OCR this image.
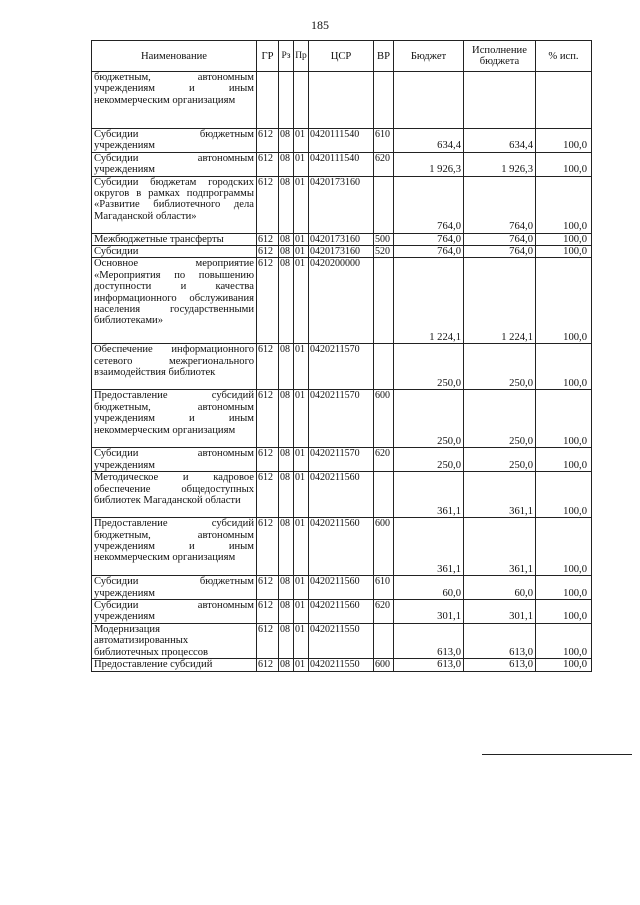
185
Наименование	ГР	Рз	Пр	ЦСР	ВР	Бюджет	Исполнение бюджета	% исп.
бюджетным, автономным учреждениям и иным некоммерческим организациям								
Субсидии бюджетным учреждениям	612	08	01	0420111540	610	634,4	634,4	100,0
Субсидии автономным учреждениям	612	08	01	0420111540	620	1 926,3	1 926,3	100,0
Субсидии бюджетам городских округов в рамках подпрограммы «Развитие библиотечного дела Магаданской области»	612	08	01	0420173160		764,0	764,0	100,0
Межбюджетные трансферты	612	08	01	0420173160	500	764,0	764,0	100,0
Субсидии	612	08	01	0420173160	520	764,0	764,0	100,0
Основное мероприятие «Мероприятия по повышению доступности и качества информационного обслуживания населения государственными библиотеками»	612	08	01	0420200000		1 224,1	1 224,1	100,0
Обеспечение информационного сетевого межрегионального взаимодействия библиотек	612	08	01	0420211570		250,0	250,0	100,0
Предоставление субсидий бюджетным, автономным учреждениям и иным некоммерческим организациям	612	08	01	0420211570	600	250,0	250,0	100,0
Субсидии автономным учреждениям	612	08	01	0420211570	620	250,0	250,0	100,0
Методическое и кадровое обеспечение общедоступных библиотек Магаданской области	612	08	01	0420211560		361,1	361,1	100,0
Предоставление субсидий бюджетным, автономным учреждениям и иным некоммерческим организациям	612	08	01	0420211560	600	361,1	361,1	100,0
Субсидии бюджетным учреждениям	612	08	01	0420211560	610	60,0	60,0	100,0
Субсидии автономным учреждениям	612	08	01	0420211560	620	301,1	301,1	100,0
Модернизация автоматизированных библиотечных процессов	612	08	01	0420211550		613,0	613,0	100,0
Предоставление субсидий	612	08	01	0420211550	600	613,0	613,0	100,0
